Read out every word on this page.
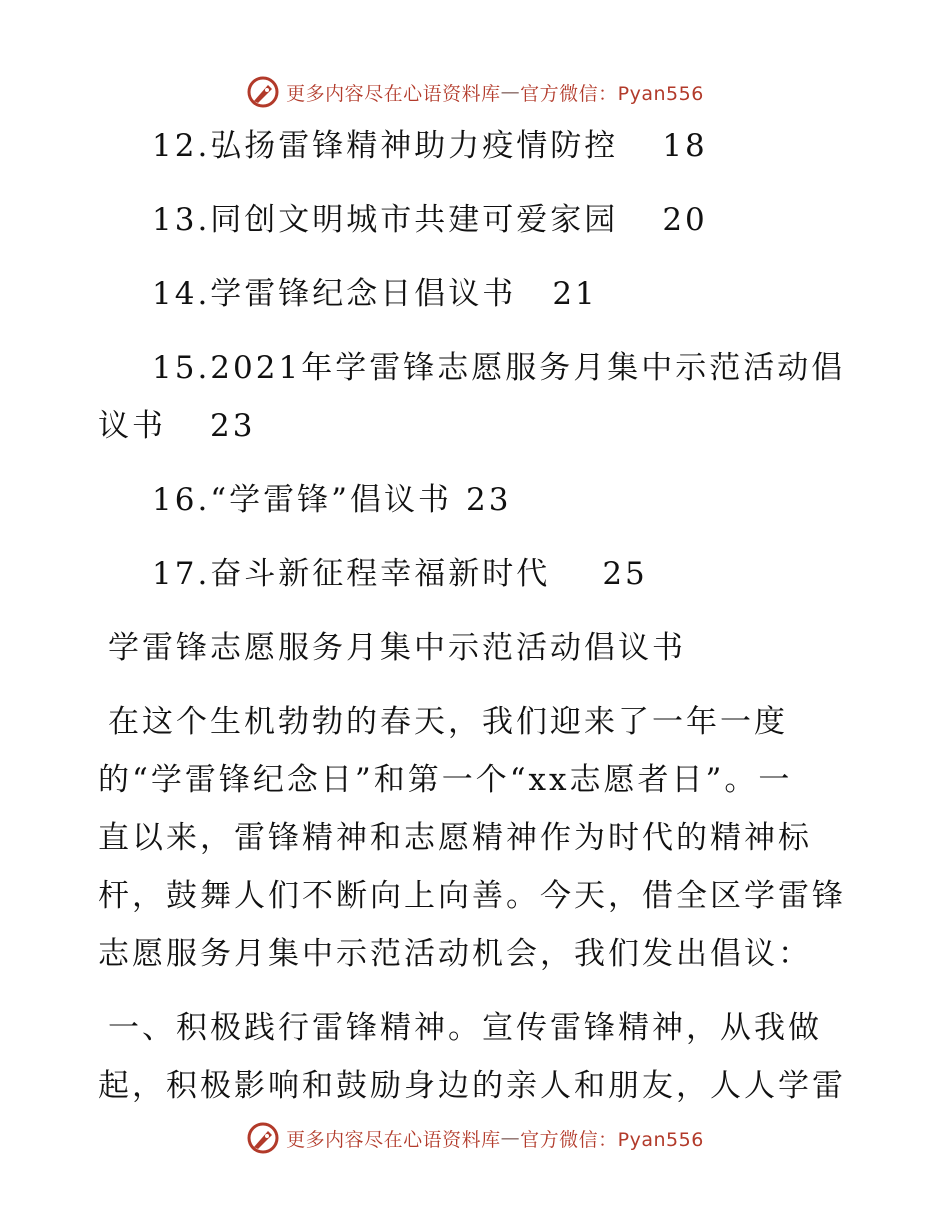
更多内容尽在心语资料库 — 官方微信：Pyan556
12.弘扬雷锋精神助力疫情防控 18
13.同创文明城市共建可爱家园 20
14.学雷锋纪念日倡议书 21
15.2021年学雷锋志愿服务月集中示范活动倡
议书 23
16.“学雷锋”倡议书 23
17.奋斗新征程幸福新时代 25
学雷锋志愿服务月集中示范活动倡议书
在这个生机勃勃的春天，我们迎来了一年一度
的“学雷锋纪念日”和第一个“xx志愿者日”。一
直以来，雷锋精神和志愿精神作为时代的精神标
杆，鼓舞人们不断向上向善。今天，借全区学雷锋
志愿服务月集中示范活动机会，我们发出倡议：
一、积极践行雷锋精神。宣传雷锋精神，从我做
起，积极影响和鼓励身边的亲人和朋友，人人学雷
更多内容尽在心语资料库 — 官方微信：Pyan556
